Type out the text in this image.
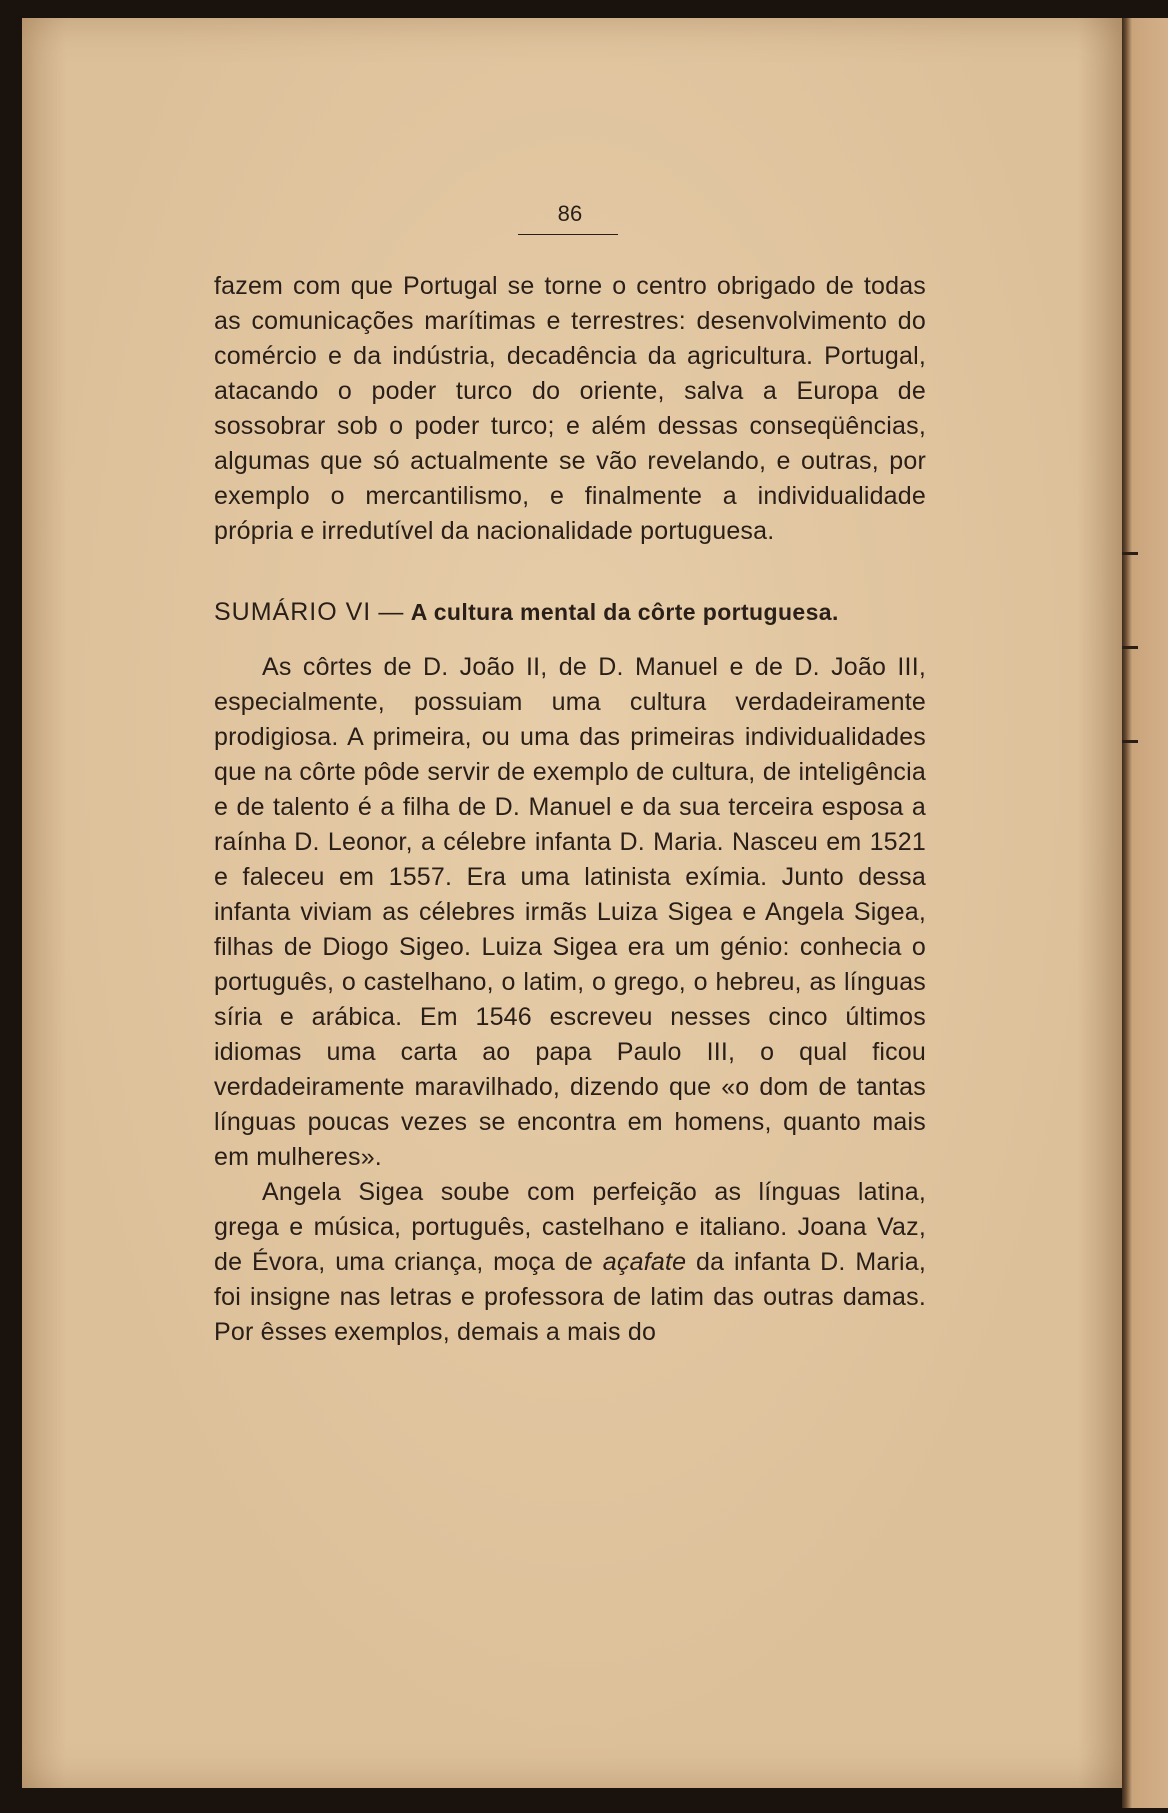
86

fazem com que Portugal se torne o centro obrigado de todas as comunicações marítimas e terrestres: desenvolvimento do comércio e da indústria, decadência da agricultura. Portugal, atacando o poder turco do oriente, salva a Europa de sossobrar sob o poder turco; e além dessas conseqüências, algumas que só actualmente se vão revelando, e outras, por exemplo o mercantilismo, e finalmente a individualidade própria e irredutível da nacionalidade portuguesa.

SUMÁRIO VI — A cultura mental da côrte portuguesa.

As côrtes de D. João II, de D. Manuel e de D. João III, especialmente, possuiam uma cultura verdadeiramente prodigiosa. A primeira, ou uma das primeiras individualidades que na côrte pôde servir de exemplo de cultura, de inteligência e de talento é a filha de D. Manuel e da sua terceira esposa a raínha D. Leonor, a célebre infanta D. Maria. Nasceu em 1521 e faleceu em 1557. Era uma latinista exímia. Junto dessa infanta viviam as célebres irmãs Luiza Sigea e Angela Sigea, filhas de Diogo Sigeo. Luiza Sigea era um génio: conhecia o português, o castelhano, o latim, o grego, o hebreu, as línguas síria e arábica. Em 1546 escreveu nesses cinco últimos idiomas uma carta ao papa Paulo III, o qual ficou verdadeiramente maravilhado, dizendo que «o dom de tantas línguas poucas vezes se encontra em homens, quanto mais em mulheres».

Angela Sigea soube com perfeição as línguas latina, grega e música, português, castelhano e italiano. Joana Vaz, de Évora, uma criança, moça de açafate da infanta D. Maria, foi insigne nas letras e professora de latim das outras damas. Por êsses exemplos, demais a mais do
